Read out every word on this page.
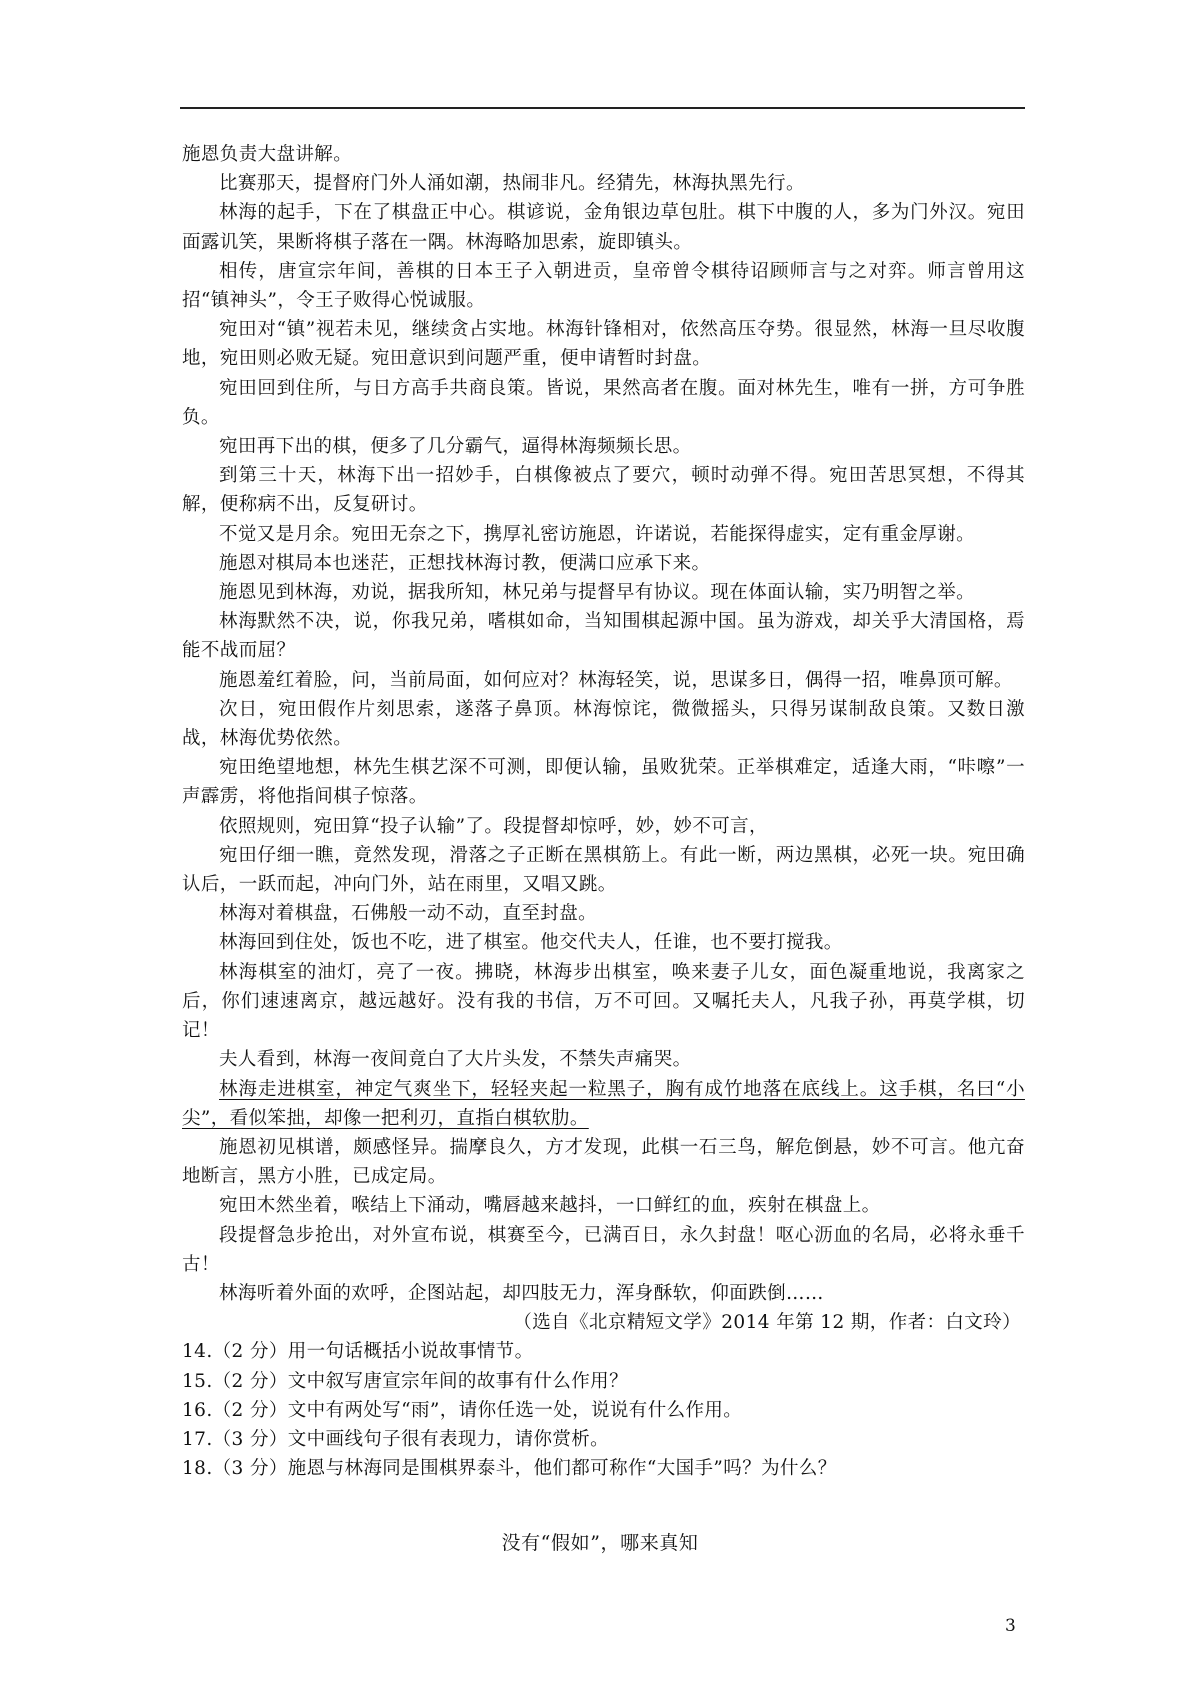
施恩负责大盘讲解。

比赛那天，提督府门外人涌如潮，热闹非凡。经猜先，林海执黑先行。

林海的起手，下在了棋盘正中心。棋谚说，金角银边草包肚。棋下中腹的人，多为门外汉。宛田面露讥笑，果断将棋子落在一隅。林海略加思索，旋即镇头。

相传，唐宣宗年间，善棋的日本王子入朝进贡，皇帝曾令棋待诏顾师言与之对弈。师言曾用这招“镇神头”，令王子败得心悦诚服。

宛田对“镇”视若未见，继续贪占实地。林海针锋相对，依然高压夺势。很显然，林海一旦尽收腹地，宛田则必败无疑。宛田意识到问题严重，便申请暂时封盘。

宛田回到住所，与日方高手共商良策。皆说，果然高者在腹。面对林先生，唯有一拼，方可争胜负。

宛田再下出的棋，便多了几分霸气，逼得林海频频长思。

到第三十天，林海下出一招妙手，白棋像被点了要穴，顿时动弹不得。宛田苦思冥想，不得其解，便称病不出，反复研讨。

不觉又是月余。宛田无奈之下，携厚礼密访施恩，许诺说，若能探得虚实，定有重金厚谢。

施恩对棋局本也迷茫，正想找林海讨教，便满口应承下来。

施恩见到林海，劝说，据我所知，林兄弟与提督早有协议。现在体面认输，实乃明智之举。

林海默然不决，说，你我兄弟，嗜棋如命，当知围棋起源中国。虽为游戏，却关乎大清国格，焉能不战而屈？

施恩羞红着脸，问，当前局面，如何应对？林海轻笑，说，思谋多日，偶得一招，唯鼻顶可解。

次日，宛田假作片刻思索，遂落子鼻顶。林海惊诧，微微摇头，只得另谋制敌良策。又数日激战，林海优势依然。

宛田绝望地想，林先生棋艺深不可测，即便认输，虽败犹荣。正举棋难定，适逢大雨，“咔嚓”一声霹雳，将他指间棋子惊落。

依照规则，宛田算“投子认输”了。段提督却惊呼，妙，妙不可言，

宛田仔细一瞧，竟然发现，滑落之子正断在黑棋筋上。有此一断，两边黑棋，必死一块。宛田确认后，一跃而起，冲向门外，站在雨里，又唱又跳。

林海对着棋盘，石佛般一动不动，直至封盘。

林海回到住处，饭也不吃，进了棋室。他交代夫人，任谁，也不要打搅我。

林海棋室的油灯，亮了一夜。拂晓，林海步出棋室，唤来妻子儿女，面色凝重地说，我离家之后，你们速速离京，越远越好。没有我的书信，万不可回。又嘱托夫人，凡我子孙，再莫学棋，切记！

夫人看到，林海一夜间竟白了大片头发，不禁失声痛哭。

林海走进棋室，神定气爽坐下，轻轻夹起一粒黑子，胸有成竹地落在底线上。这手棋，名曰“小尖”，看似笨拙，却像一把利刃，直指白棋软肋。

施恩初见棋谱，颇感怪异。揣摩良久，方才发现，此棋一石三鸟，解危倒悬，妙不可言。他亢奋地断言，黑方小胜，已成定局。

宛田木然坐着，喉结上下涌动，嘴唇越来越抖，一口鲜红的血，疾射在棋盘上。

段提督急步抢出，对外宣布说，棋赛至今，已满百日，永久封盘！呕心沥血的名局，必将永垂千古！

林海听着外面的欢呼，企图站起，却四肢无力，浑身酥软，仰面跌倒……

（选自《北京精短文学》2014 年第 12 期，作者：白文玲）

14.（2 分）用一句话概括小说故事情节。
15.（2 分）文中叙写唐宣宗年间的故事有什么作用？
16.（2 分）文中有两处写“雨”，请你任选一处，说说有什么作用。
17.（3 分）文中画线句子很有表现力，请你赏析。
18.（3 分）施恩与林海同是围棋界泰斗，他们都可称作“大国手”吗？为什么？
没有“假如”，哪来真知
3
